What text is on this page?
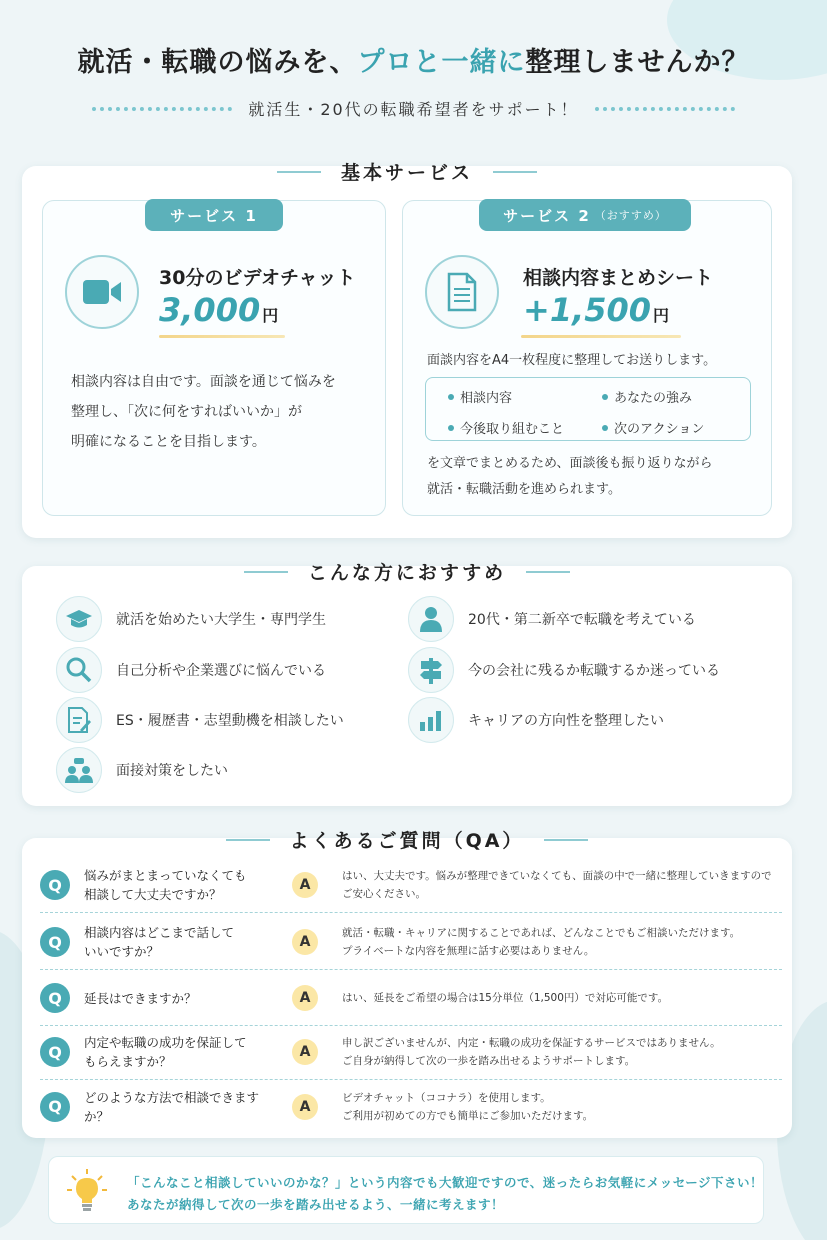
就活・転職の悩みを、プロと一緒に整理しませんか？
就活生・20代の転職希望者をサポート！
基本サービス
サービス 1
30分のビデオチャット
3,000 円
相談内容は自由です。面談を通じて悩みを
整理し、「次に何をすればいいか」が
明確になることを目指します。
サービス 2 （おすすめ）
相談内容まとめシート
+1,500 円
面談内容をA4一枚程度に整理してお送りします。
相談内容	あなたの強み
今後取り組むこと	次のアクション
を文章でまとめるため、面談後も振り返りながら
就活・転職活動を進められます。
こんな方におすすめ
就活を始めたい大学生・専門学生	20代・第二新卒で転職を考えている
自己分析や企業選びに悩んでいる	今の会社に残るか転職するか迷っている
ES・履歴書・志望動機を相談したい	キャリアの方向性を整理したい
面接対策をしたい
よくあるご質問（QA）
Q	悩みがまとまっていなくても
相談して大丈夫ですか？
A
はい、大丈夫です。悩みが整理できていなくても、面談の中で一緒に整理していきますので
ご安心ください。
Q	相談内容はどこまで話して
いいですか？
A
就活・転職・キャリアに関することであれば、どんなことでもご相談いただけます。
プライベートな内容を無理に話す必要はありません。
Q	延長はできますか？	A	はい、延長をご希望の場合は15分単位（1,500円）で対応可能です。
Q	内定や転職の成功を保証して
もらえますか？
A
申し訳ございませんが、内定・転職の成功を保証するサービスではありません。
ご自身が納得して次の一歩を踏み出せるようサポートします。
Q	どのような方法で相談できますか？
A
ビデオチャット（ココナラ）を使用します。
ご利用が初めての方でも簡単にご参加いただけます。
「こんなこと相談していいのかな？」という内容でも大歓迎ですので、迷ったらお気軽にメッセージ下さい！
あなたが納得して次の一歩を踏み出せるよう、一緒に考えます！
